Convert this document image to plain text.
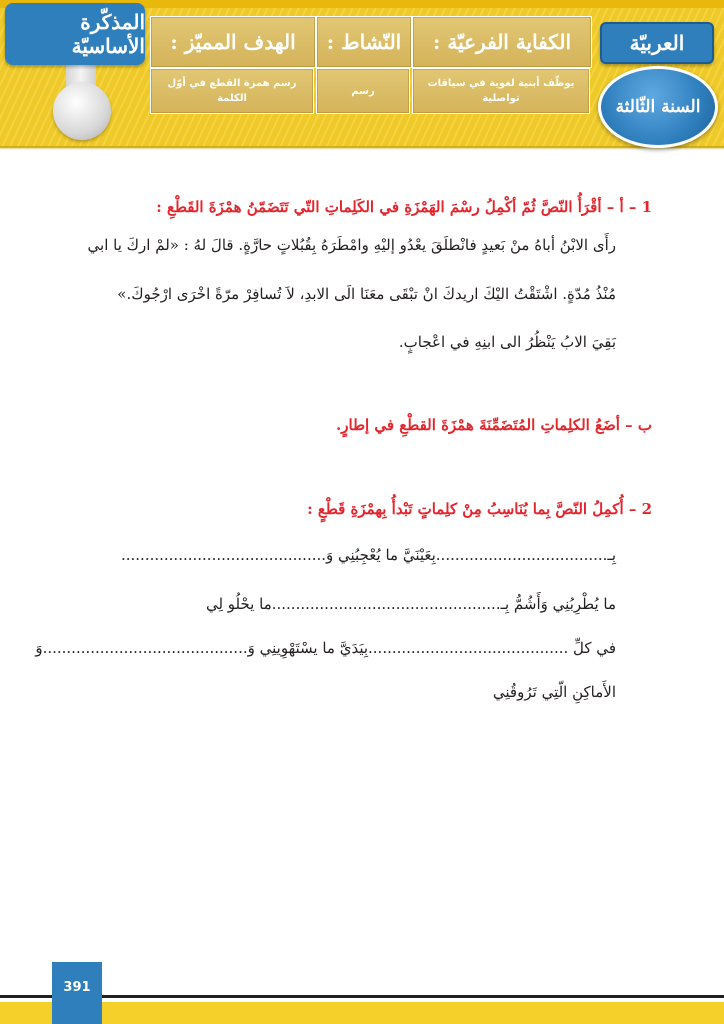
المذكّرة الأساسيّة	الكفاية الفرعيّة :
يوظّف أبنية لغوية في سياقات تواصلية
النّشاط :
رسم
الهدف المميّز :
رسم همزة القطع في أوّل الكلمة
العربيّة
السنة الثّالثة
1 – أ – أقْرَأُ النّصَّ ثُمّ أكْمِلُ رسْمَ الهَمْزَةِ في الكَلِماتِ التّي تَتَضَمّنُ همْزَةَ القَطْعِ :
رأَى الابْنُ أباهُ منْ بَعيدٍ فانْطلَقَ يعْدُو إليْهِ وامْطَرَهُ بِقُبُلاتٍ حارَّةٍ. قالَ لهُ : «لمْ اركَ يا ابي
مُنْذُ مُدّةٍ. اشْتَقْتُ اليْكَ اريدكَ انْ تبْقَى معَنَا الَى الابدِ، لاَ تُسافِرْ مرّةً اخْرَى ارْجُوكَ.»
بَقِيَ الابُ يَنْظُرُ الى ابنِهِ في اعْجابٍ.
ب – أضَعُ الكلِماتِ المُتَضَمِّنَةَ همْزَةَ القطْعِ في إطارٍ.
2 – أُكمِلُ النّصَّ بِما يُنَاسِبُ مِنْ كلِماتٍ تَبْدأُ بِهمْزَةِ قَطْعٍ :
بِـ....................................بِعَيْنَيَّ ما يُعْجِبُنِي وَ...........................................
ما يُطْرِبُنِي وَأَشُمُّ بِـ................................................ما يحْلُو لِي
في كلِّ ..........................................بِيَدَيَّ ما يسْتَهْوِينِي وَ...........................................وَ
الأَماكِنِ الّتِي تَرُوقُنِي
391
